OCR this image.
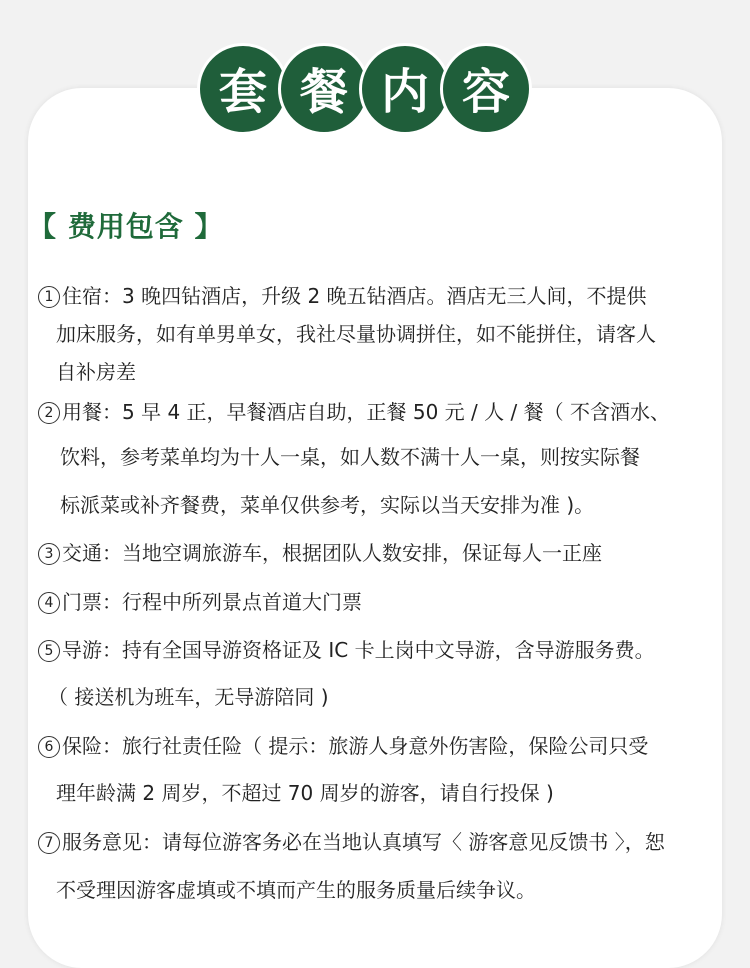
套 餐 内 容
【 费用包含 】
1 住宿：3 晚四钻酒店，升级 2 晚五钻酒店。酒店无三人间，不提供
加床服务，如有单男单女，我社尽量协调拼住，如不能拼住，请客人
自补房差
2 用餐：5 早 4 正，早餐酒店自助，正餐 50 元 / 人 / 餐（ 不含酒水、
饮料，参考菜单均为十人一桌，如人数不满十人一桌，则按实际餐
标派菜或补齐餐费，菜单仅供参考，实际以当天安排为准 )。
3 交通：当地空调旅游车，根据团队人数安排，保证每人一正座
4 门票：行程中所列景点首道大门票
5 导游：持有全国导游资格证及 IC 卡上岗中文导游，含导游服务费。
（ 接送机为班车，无导游陪同 )
6 保险：旅行社责任险（ 提示：旅游人身意外伤害险，保险公司只受
理年龄满 2 周岁，不超过 70 周岁的游客，请自行投保 )
7 服务意见：请每位游客务必在当地认真填写〈 游客意见反馈书 〉，恕
不受理因游客虚填或不填而产生的服务质量后续争议。
